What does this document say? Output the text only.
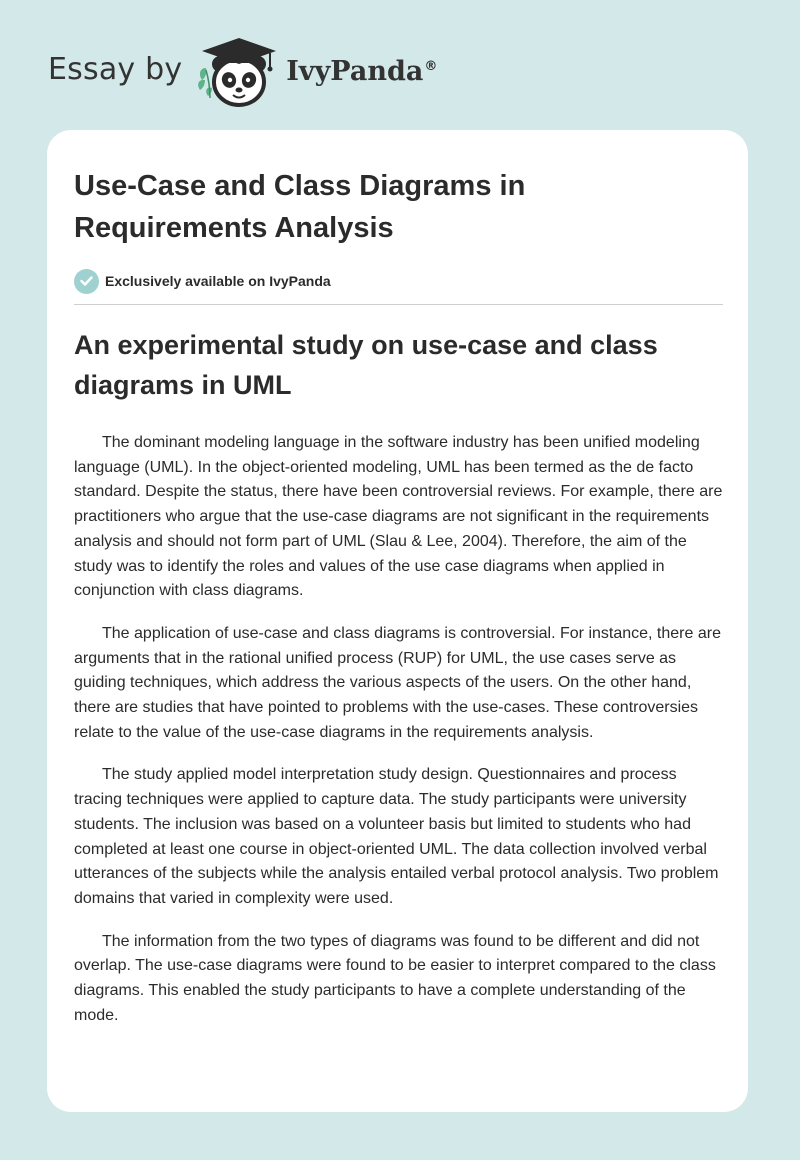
Essay by	IvyPanda®
Use-Case and Class Diagrams in Requirements Analysis
Exclusively available on IvyPanda
An experimental study on use-case and class diagrams in UML

The dominant modeling language in the software industry has been unified modeling language (UML). In the object-oriented modeling, UML has been termed as the de facto standard. Despite the status, there have been controversial reviews. For example, there are practitioners who argue that the use-case diagrams are not significant in the requirements analysis and should not form part of UML (Slau & Lee, 2004). Therefore, the aim of the study was to identify the roles and values of the use case diagrams when applied in conjunction with class diagrams.

The application of use-case and class diagrams is controversial. For instance, there are arguments that in the rational unified process (RUP) for UML, the use cases serve as guiding techniques, which address the various aspects of the users. On the other hand, there are studies that have pointed to problems with the use-cases. These controversies relate to the value of the use-case diagrams in the requirements analysis.

The study applied model interpretation study design. Questionnaires and process tracing techniques were applied to capture data. The study participants were university students. The inclusion was based on a volunteer basis but limited to students who had completed at least one course in object-oriented UML. The data collection involved verbal utterances of the subjects while the analysis entailed verbal protocol analysis. Two problem domains that varied in complexity were used.

The information from the two types of diagrams was found to be different and did not overlap. The use-case diagrams were found to be easier to interpret compared to the class diagrams. This enabled the study participants to have a complete understanding of the mode.
